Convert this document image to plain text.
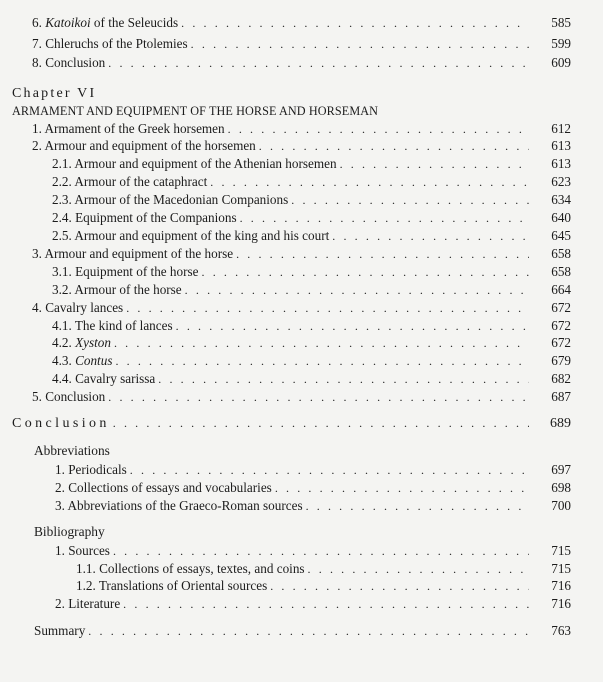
6. Katoikoi of the Seleucids . . .	585
7. Chleruchs of the Ptolemies . . .	599
8. Conclusion . . .	609
Chapter VI
ARMAMENT AND EQUIPMENT OF THE HORSE AND HORSEMAN
1. Armament of the Greek horsemen . . .	612
2. Armour and equipment of the horsemen . . .	613
2.1. Armour and equipment of the Athenian horsemen . . .	613
2.2. Armour of the cataphract . . .	623
2.3. Armour of the Macedonian Companions . . .	634
2.4. Equipment of the Companions . . .	640
2.5. Armour and equipment of the king and his court . . .	645
3. Armour and equipment of the horse . . .	658
3.1. Equipment of the horse . . .	658
3.2. Armour of the horse . . .	664
4. Cavalry lances . . .	672
4.1. The kind of lances . . .	672
4.2. Xyston . . .	672
4.3. Contus . . .	679
4.4. Cavalry sarissa . . .	682
5. Conclusion . . .	687
Conclusion . . .	689
Abbreviations
1. Periodicals . . .	697
2. Collections of essays and vocabularies . . .	698
3. Abbreviations of the Graeco-Roman sources . . .	700
Bibliography
1. Sources . . .	715
1.1. Collections of essays, textes, and coins . . .	715
1.2. Translations of Oriental sources . . .	716
2. Literature . . .	716
Summary . . .	763
